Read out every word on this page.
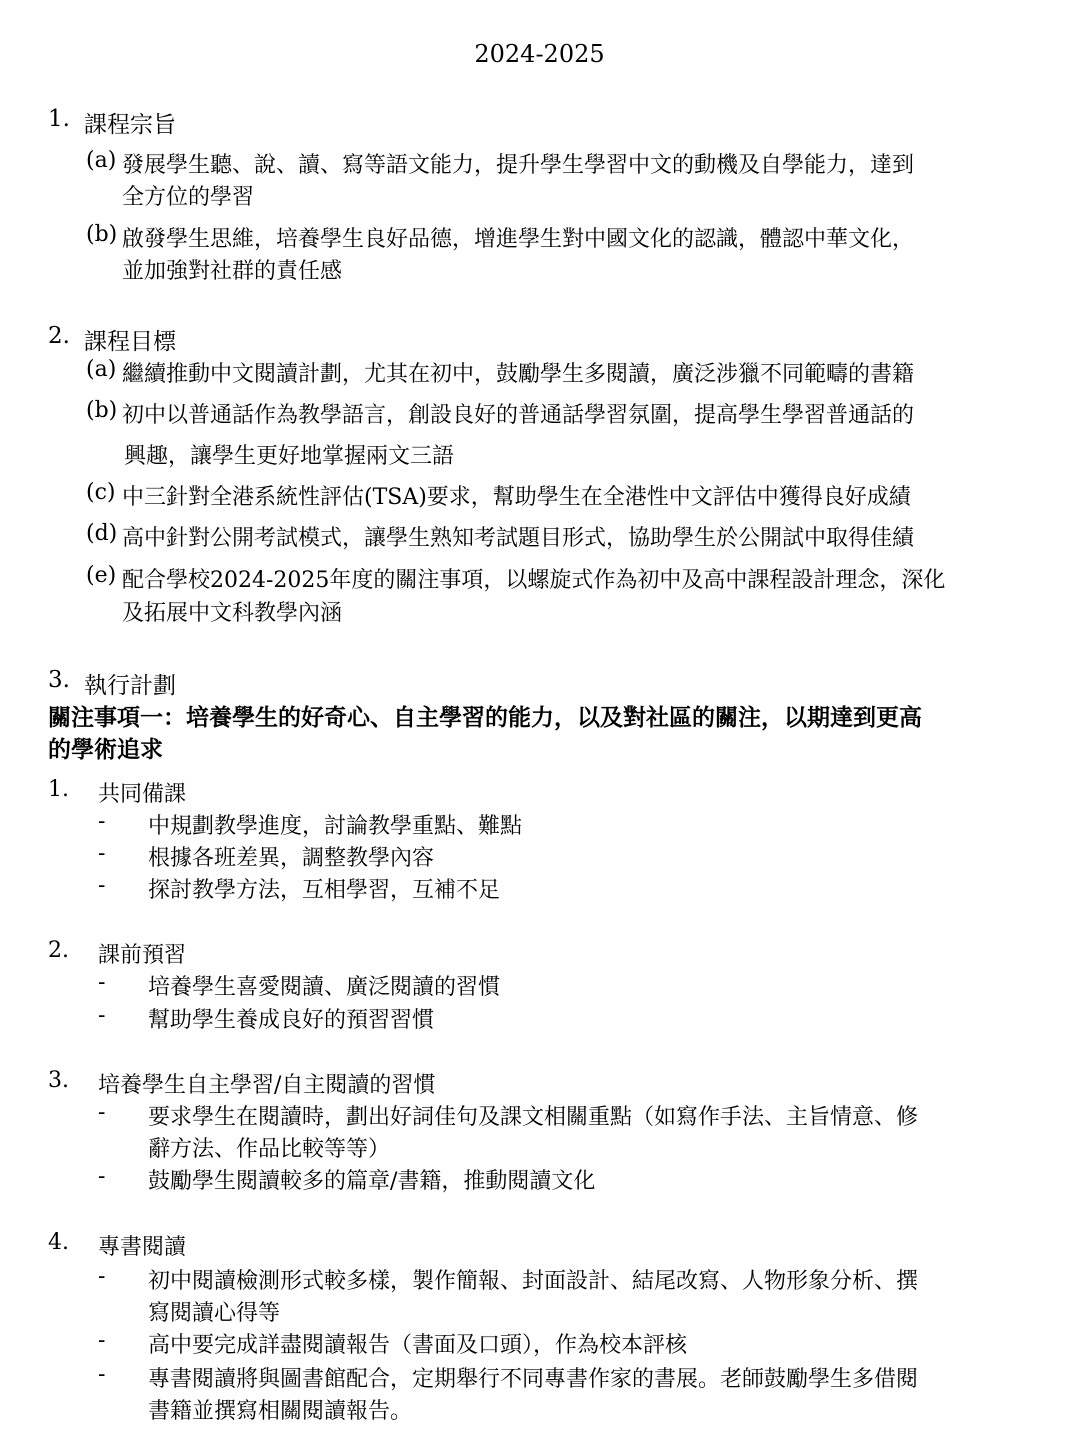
2024-2025
1. 課程宗旨
(a) 發展學生聽、說、讀、寫等語文能力，提升學生學習中文的動機及自學能力，達到
全方位的學習
(b) 啟發學生思維，培養學生良好品德，增進學生對中國文化的認識，體認中華文化，
並加強對社群的責任感
2. 課程目標
(a) 繼續推動中文閱讀計劃，尤其在初中，鼓勵學生多閱讀，廣泛涉獵不同範疇的書籍
(b) 初中以普通話作為教學語言，創設良好的普通話學習氛圍，提高學生學習普通話的
興趣，讓學生更好地掌握兩文三語
(c) 中三針對全港系統性評估(TSA)要求，幫助學生在全港性中文評估中獲得良好成績
(d) 高中針對公開考試模式，讓學生熟知考試題目形式，協助學生於公開試中取得佳績
(e) 配合學校2024-2025年度的關注事項，以螺旋式作為初中及高中課程設計理念，深化
及拓展中文科教學內涵
3. 執行計劃
關注事項一：培養學生的好奇心、自主學習的能力，以及對社區的關注，以期達到更高
的學術追求
1. 共同備課
- 中規劃教學進度，討論教學重點、難點
- 根據各班差異，調整教學內容
- 探討教學方法，互相學習，互補不足
2. 課前預習
- 培養學生喜愛閱讀、廣泛閱讀的習慣
- 幫助學生養成良好的預習習慣
3. 培養學生自主學習/自主閱讀的習慣
- 要求學生在閱讀時，劃出好詞佳句及課文相關重點（如寫作手法、主旨情意、修
辭方法、作品比較等等）
- 鼓勵學生閱讀較多的篇章/書籍，推動閱讀文化
4. 專書閱讀
- 初中閱讀檢測形式較多樣，製作簡報、封面設計、結尾改寫、人物形象分析、撰
寫閱讀心得等
- 高中要完成詳盡閱讀報告（書面及口頭），作為校本評核
- 專書閱讀將與圖書館配合，定期舉行不同專書作家的書展。老師鼓勵學生多借閱
書籍並撰寫相關閱讀報告。
